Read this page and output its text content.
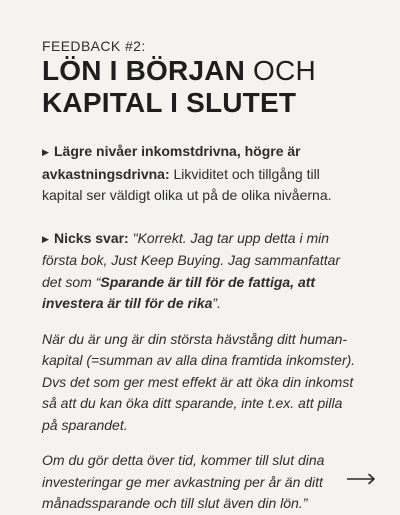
FEEDBACK #2:
LÖN I BÖRJAN OCH
KAPITAL I SLUTET

▶ Lägre nivåer inkomstdrivna, högre är avkastningsdrivna: Likviditet och tillgång till kapital ser väldigt olika ut på de olika nivåerna.

▶ Nicks svar: "Korrekt. Jag tar upp detta i min första bok, Just Keep Buying. Jag sammanfattar det som “Sparande är till för de fattiga, att investera är till för de rika”.

När du är ung är din största hävstång ditt human-kapital (=summan av alla dina framtida inkomster). Dvs det som ger mest effekt är att öka din inkomst så att du kan öka ditt sparande, inte t.ex. att pilla på sparandet.

Om du gör detta över tid, kommer till slut dina investeringar ge mer avkastning per år än ditt månadssparande och till slut även din lön.”
